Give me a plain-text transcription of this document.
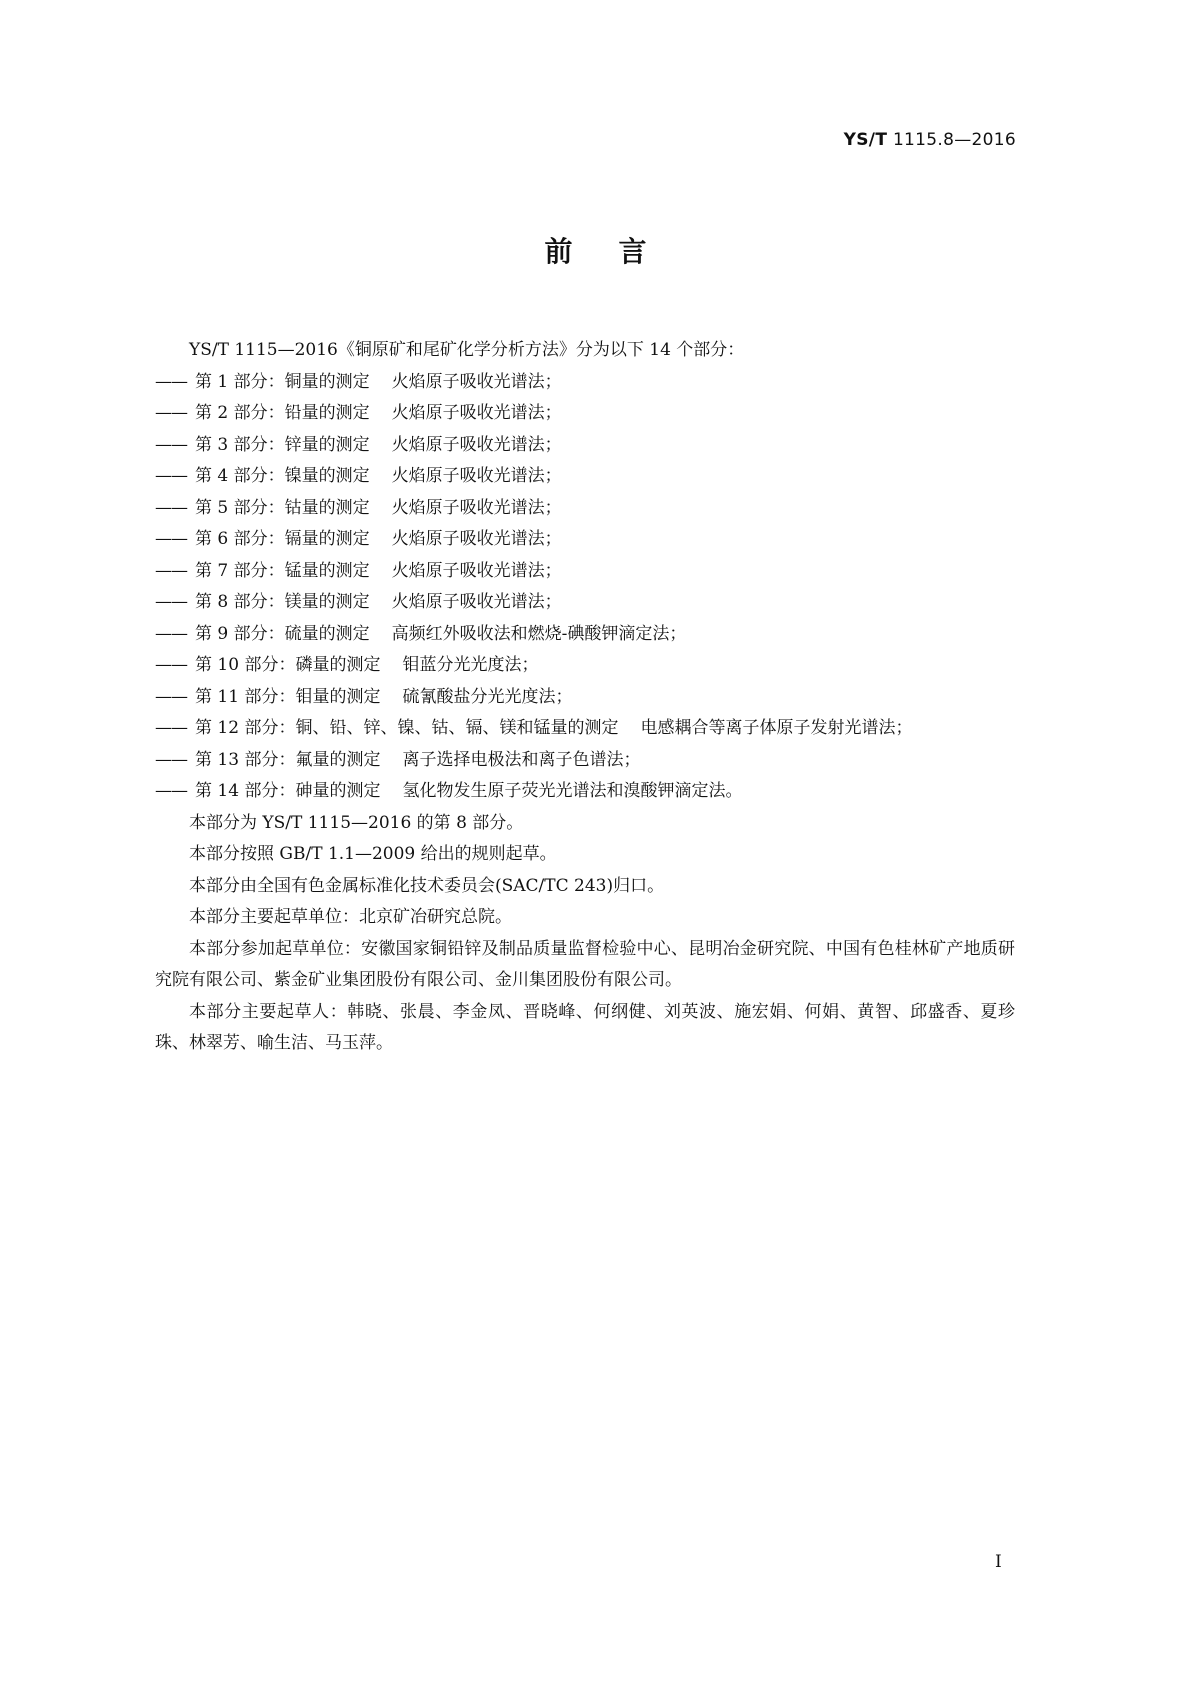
YS/T 1115.8—2016
前言

YS/T 1115—2016《铜原矿和尾矿化学分析方法》分为以下 14 个部分：

—— 第 1 部分：铜量的测定 火焰原子吸收光谱法；

—— 第 2 部分：铅量的测定 火焰原子吸收光谱法；

—— 第 3 部分：锌量的测定 火焰原子吸收光谱法；

—— 第 4 部分：镍量的测定 火焰原子吸收光谱法；

—— 第 5 部分：钴量的测定 火焰原子吸收光谱法；

—— 第 6 部分：镉量的测定 火焰原子吸收光谱法；

—— 第 7 部分：锰量的测定 火焰原子吸收光谱法；

—— 第 8 部分：镁量的测定 火焰原子吸收光谱法；

—— 第 9 部分：硫量的测定 高频红外吸收法和燃烧-碘酸钾滴定法；

—— 第 10 部分：磷量的测定 钼蓝分光光度法；

—— 第 11 部分：钼量的测定 硫氰酸盐分光光度法；

—— 第 12 部分：铜、铅、锌、镍、钴、镉、镁和锰量的测定 电感耦合等离子体原子发射光谱法；

—— 第 13 部分：氟量的测定 离子选择电极法和离子色谱法；

—— 第 14 部分：砷量的测定 氢化物发生原子荧光光谱法和溴酸钾滴定法。

本部分为 YS/T 1115—2016 的第 8 部分。

本部分按照 GB/T 1.1—2009 给出的规则起草。

本部分由全国有色金属标准化技术委员会(SAC/TC 243)归口。

本部分主要起草单位：北京矿冶研究总院。

本部分参加起草单位：安徽国家铜铅锌及制品质量监督检验中心、昆明冶金研究院、中国有色桂林矿产地质研究院有限公司、紫金矿业集团股份有限公司、金川集团股份有限公司。

本部分主要起草人：韩晓、张晨、李金凤、晋晓峰、何纲健、刘英波、施宏娟、何娟、黄智、邱盛香、夏珍珠、林翠芳、喻生洁、马玉萍。

I
